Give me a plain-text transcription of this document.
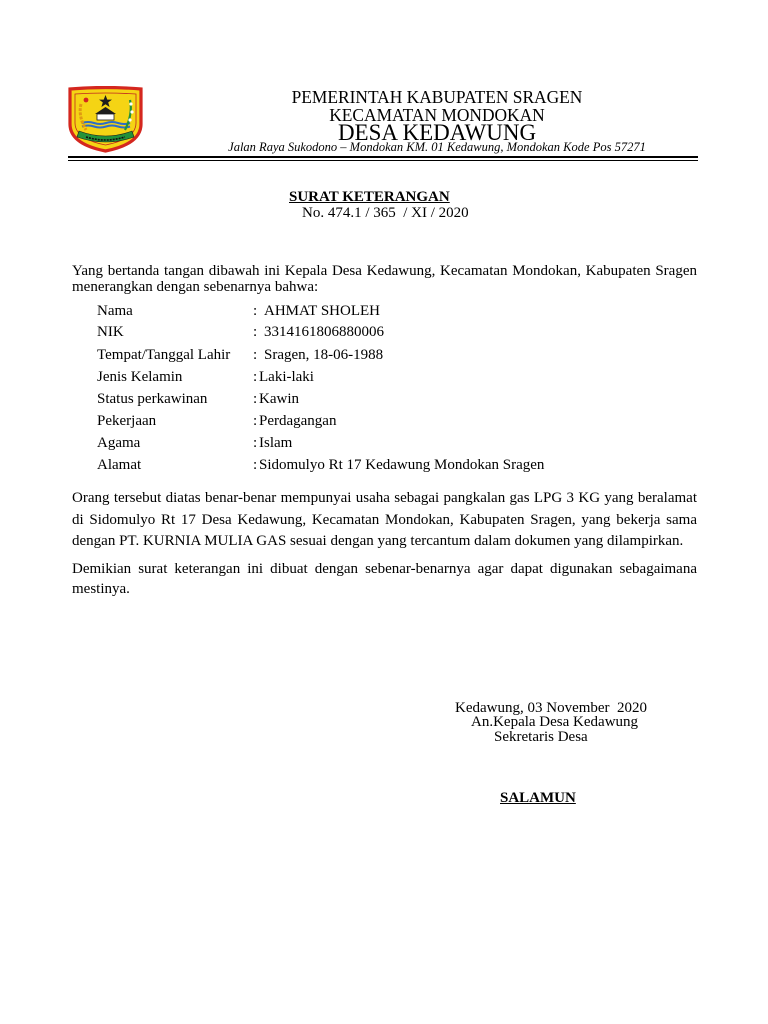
PEMERINTAH KABUPATEN SRAGEN
KECAMATAN MONDOKAN
DESA KEDAWUNG
Jalan Raya Sukodono – Mondokan KM. 01 Kedawung, Mondokan Kode Pos 57271
SURAT KETERANGAN
No. 474.1 / 365  / XI / 2020
Yang bertanda tangan dibawah ini Kepala Desa Kedawung, Kecamatan Mondokan, Kabupaten Sragen
menerangkan dengan sebenarnya bahwa:
Nama	: AHMAT SHOLEH
NIK	: 3314161806880006
Tempat/Tanggal Lahir : Sragen, 18-06-1988
Jenis Kelamin	: Laki-laki
Status perkawinan	: Kawin
Pekerjaan	: Perdagangan
Agama	: Islam
Alamat	: Sidomulyo Rt 17 Kedawung Mondokan Sragen
Orang tersebut diatas benar-benar mempunyai usaha sebagai pangkalan gas LPG 3 KG yang beralamat
di Sidomulyo Rt 17 Desa Kedawung, Kecamatan Mondokan, Kabupaten Sragen, yang bekerja sama
dengan PT. KURNIA MULIA GAS sesuai dengan yang tercantum dalam dokumen yang dilampirkan.
Demikian surat keterangan ini dibuat dengan sebenar-benarnya agar dapat digunakan sebagaimana
mestinya.
Kedawung, 03 November  2020
An.Kepala Desa Kedawung
Sekretaris Desa
SALAMUN
